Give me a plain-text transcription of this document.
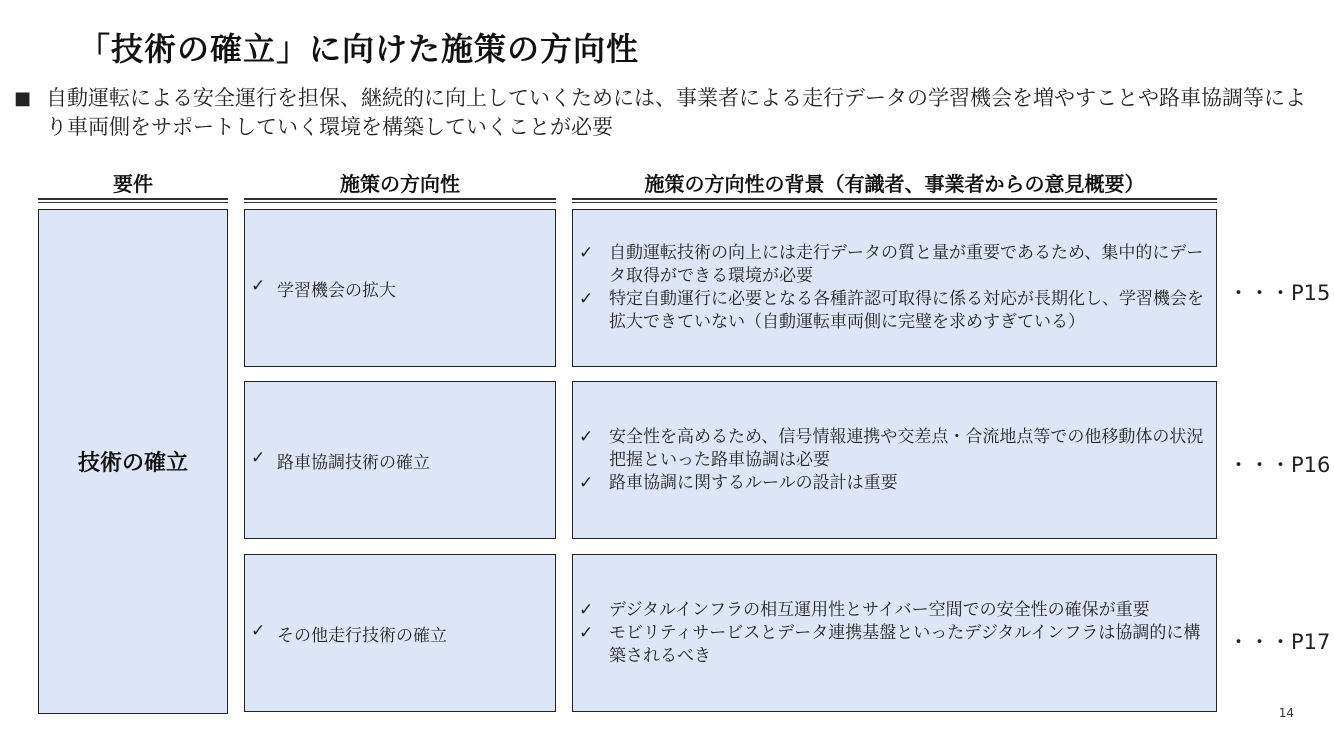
「技術の確立」に向けた施策の方向性
■ 自動運転による安全運行を担保、継続的に向上していくためには、事業者による走行データの学習機会を増やすことや路車協調等により車両側をサポートしていく環境を構築していくことが必要
要件	施策の方向性	施策の方向性の背景（有識者、事業者からの意見概要）
技術の確立
✓ 学習機会の拡大
✓ 自動運転技術の向上には走行データの質と量が重要であるため、集中的にデータ取得ができる環境が必要
✓ 特定自動運行に必要となる各種許認可取得に係る対応が長期化し、学習機会を拡大できていない（自動運転車両側に完璧を求めすぎている）
・・・P15
✓ 路車協調技術の確立
✓ 安全性を高めるため、信号情報連携や交差点・合流地点等での他移動体の状況把握といった路車協調は必要
✓ 路車協調に関するルールの設計は重要
・・・P16
✓ その他走行技術の確立
✓ デジタルインフラの相互運用性とサイバー空間での安全性の確保が重要
✓ モビリティサービスとデータ連携基盤といったデジタルインフラは協調的に構築されるべき
・・・P17
14
